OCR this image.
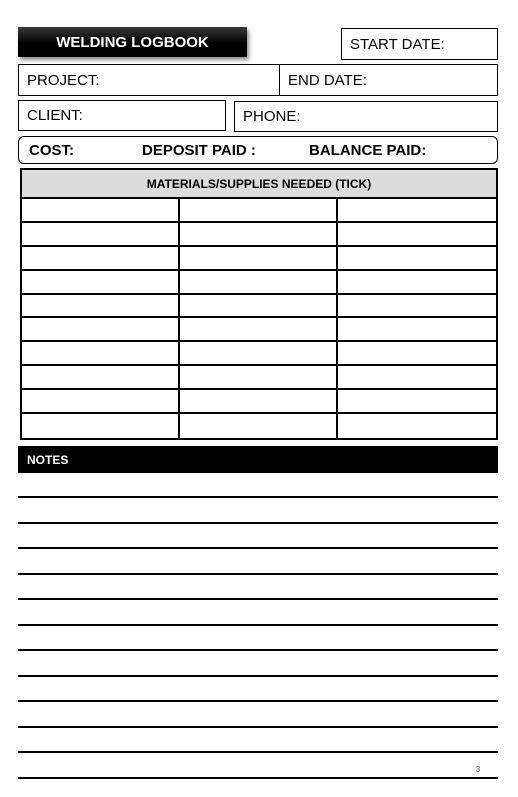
WELDING LOGBOOK	START DATE:
PROJECT:	END DATE:
CLIENT:	PHONE:
COST:	DEPOSIT PAID :	BALANCE PAID:
MATERIALS/SUPPLIES NEEDED (TICK)
NOTES
3
